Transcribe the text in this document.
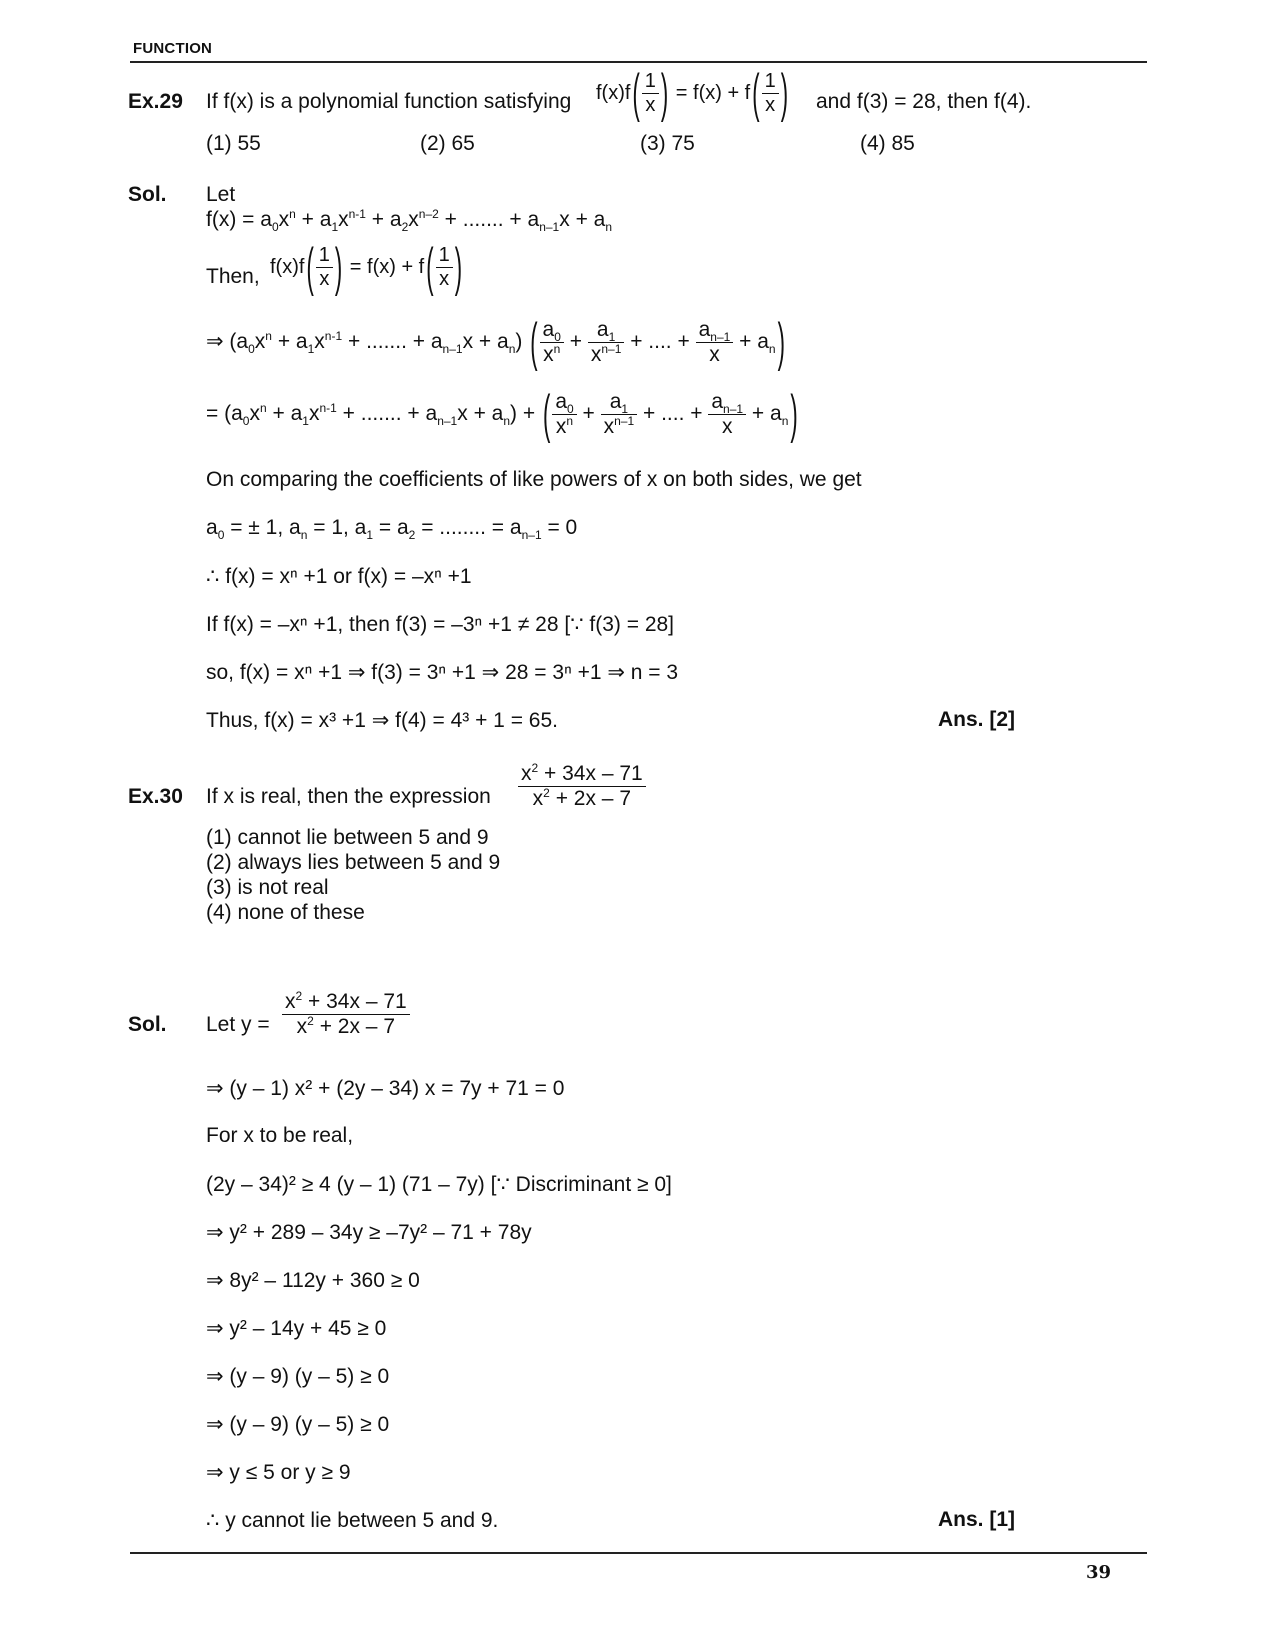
FUNCTION
Ex.29 If f(x) is a polynomial function satisfying $f(x)f( \frac{1}{x}$ ) = $f(x) + f( \frac{1}{x}$ ) and f(3) = 28, then f(4).
(1) 55	(2) 65	(3) 75	(4) 85
Sol. Let
$f(x) = a_0x^n + a_1x^{n-1} + a_2x^{n-2}$ + ....... + $a_{n-1}x + a_n$
Then, $f(x)f( \frac{1}{x}$ ) = $f(x) + f( \frac{1}{x}$ )
⇒ ($a_0x^n + a_1x^{n-1}$ + ....... + $a_{n-1}x + a_n$) ( $\frac{a_0}{x^n} + \frac{a_1}{x^{n-1}}$ + .... + $\frac{a_{n-1}}{x} + a_n$)
= ($a_0x^n + a_1x^{n-1}$ + ....... + $a_{n-1}x + a_n$) + ( $\frac{a_0}{x^n} + \frac{a_1}{x^{n-1}}$ + .... + $\frac{a_{n-1}}{x} + a_n$)
On comparing the coefficients of like powers of x on both sides, we get
$a_0$ = ± 1, $a_n = 1$, $a_1 = a_2$ = ........ = $a_{n-1} = 0$
∴ f(x) = xⁿ +1 or f(x) = –xⁿ +1
If f(x) = –xⁿ +1, then f(3) = –3ⁿ +1 ≠ 28 [∵ f(3) = 28]
so, f(x) = xⁿ +1 ⇒ f(3) = 3ⁿ +1 ⇒ 28 = 3ⁿ +1 ⇒ n = 3
Thus, f(x) = x³ +1 ⇒ f(4) = 4³ + 1 = 65.	Ans. [2]
Ex.30 If x is real, then the expression $\frac{x^2 + 34x - 71}{x^2 + 2x - 7}$
(1) cannot lie between 5 and 9
(2) always lies between 5 and 9
(3) is not real
(4) none of these
Sol. Let $y = \frac{x^2 + 34x - 71}{x^2 + 2x - 7}$
⇒ (y – 1) x² + (2y – 34) x = 7y + 71 = 0
For x to be real,
(2y – 34)² ≥ 4 (y – 1) (71 – 7y) [∵ Discriminant ≥ 0]
⇒ y² + 289 – 34y ≥ –7y² – 71 + 78y
⇒ 8y² – 112y + 360 ≥ 0
⇒ y² – 14y + 45 ≥ 0
⇒ (y – 9) (y – 5) ≥ 0
⇒ (y – 9) (y – 5) ≥ 0
⇒ y ≤ 5 or y ≥ 9
∴ y cannot lie between 5 and 9.	Ans. [1]
39
